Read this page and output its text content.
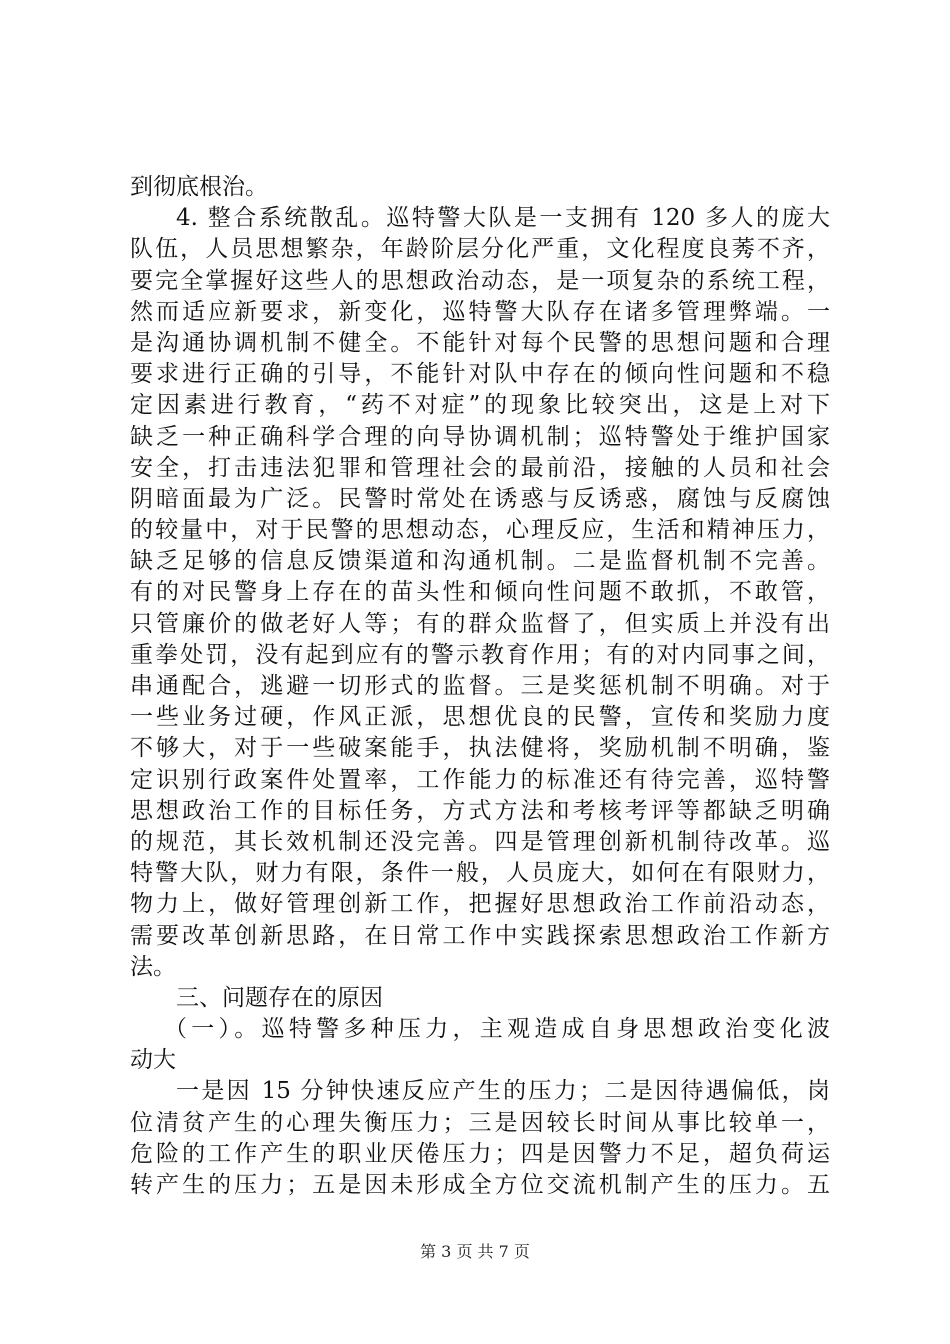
到彻底根治。
4. 整合系统散乱。巡特警大队是一支拥有 120 多人的庞大
队伍，人员思想繁杂，年龄阶层分化严重，文化程度良莠不齐，
要完全掌握好这些人的思想政治动态，是一项复杂的系统工程，
然而适应新要求，新变化，巡特警大队存在诸多管理弊端。一
是沟通协调机制不健全。不能针对每个民警的思想问题和合理
要求进行正确的引导，不能针对队中存在的倾向性问题和不稳
定因素进行教育，“药不对症”的现象比较突出，这是上对下
缺乏一种正确科学合理的向导协调机制；巡特警处于维护国家
安全，打击违法犯罪和管理社会的最前沿，接触的人员和社会
阴暗面最为广泛。民警时常处在诱惑与反诱惑，腐蚀与反腐蚀
的较量中，对于民警的思想动态，心理反应，生活和精神压力，
缺乏足够的信息反馈渠道和沟通机制。二是监督机制不完善。
有的对民警身上存在的苗头性和倾向性问题不敢抓，不敢管，
只管廉价的做老好人等；有的群众监督了，但实质上并没有出
重拳处罚，没有起到应有的警示教育作用；有的对内同事之间，
串通配合，逃避一切形式的监督。三是奖惩机制不明确。对于
一些业务过硬，作风正派，思想优良的民警，宣传和奖励力度
不够大，对于一些破案能手，执法健将，奖励机制不明确，鉴
定识别行政案件处置率，工作能力的标准还有待完善，巡特警
思想政治工作的目标任务，方式方法和考核考评等都缺乏明确
的规范，其长效机制还没完善。四是管理创新机制待改革。巡
特警大队，财力有限，条件一般，人员庞大，如何在有限财力，
物力上，做好管理创新工作，把握好思想政治工作前沿动态，
需要改革创新思路，在日常工作中实践探索思想政治工作新方
法。
三、问题存在的原因
（一）。巡特警多种压力，主观造成自身思想政治变化波
动大
一是因 15 分钟快速反应产生的压力；二是因待遇偏低，岗
位清贫产生的心理失衡压力；三是因较长时间从事比较单一，
危险的工作产生的职业厌倦压力；四是因警力不足，超负荷运
转产生的压力；五是因未形成全方位交流机制产生的压力。五
第 3 页 共 7 页
